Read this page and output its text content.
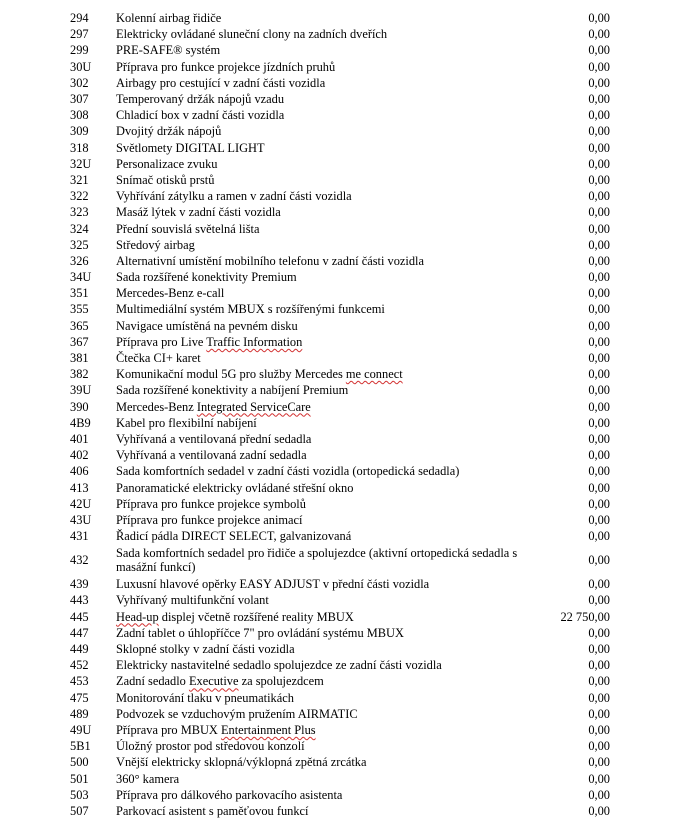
294	Kolenní airbag řidiče	0,00
297	Elektricky ovládané sluneční clony na zadních dveřích	0,00
299	PRE-SAFE® systém	0,00
30U	Příprava pro funkce projekce jízdních pruhů	0,00
302	Airbagy pro cestující v zadní části vozidla	0,00
307	Temperovaný držák nápojů vzadu	0,00
308	Chladicí box v zadní části vozidla	0,00
309	Dvojitý držák nápojů	0,00
318	Světlomety DIGITAL LIGHT	0,00
32U	Personalizace zvuku	0,00
321	Snímač otisků prstů	0,00
322	Vyhřívání zátylku a ramen v zadní části vozidla	0,00
323	Masáž lýtek v zadní části vozidla	0,00
324	Přední souvislá světelná lišta	0,00
325	Středový airbag	0,00
326	Alternativní umístění mobilního telefonu v zadní části vozidla	0,00
34U	Sada rozšířené konektivity Premium	0,00
351	Mercedes-Benz e-call	0,00
355	Multimediální systém MBUX s rozšířenými funkcemi	0,00
365	Navigace umístěná na pevném disku	0,00
367	Příprava pro Live Traffic Information	0,00
381	Čtečka CI+ karet	0,00
382	Komunikační modul 5G pro služby Mercedes me connect	0,00
39U	Sada rozšířené konektivity a nabíjení Premium	0,00
390	Mercedes-Benz Integrated ServiceCare	0,00
4B9	Kabel pro flexibilní nabíjení	0,00
401	Vyhřívaná a ventilovaná přední sedadla	0,00
402	Vyhřívaná a ventilovaná zadní sedadla	0,00
406	Sada komfortních sedadel v zadní části vozidla (ortopedická sedadla)	0,00
413	Panoramatické elektricky ovládané střešní okno	0,00
42U	Příprava pro funkce projekce symbolů	0,00
43U	Příprava pro funkce projekce animací	0,00
431	Řadicí pádla DIRECT SELECT, galvanizovaná	0,00
432	Sada komfortních sedadel pro řidiče a spolujezdce (aktivní ortopedická sedadla s masážní funkcí)	0,00
439	Luxusní hlavové opěrky EASY ADJUST v přední části vozidla	0,00
443	Vyhřívaný multifunkční volant	0,00
445	Head-up displej včetně rozšířené reality MBUX	22 750,00
447	Zadní tablet o úhlopříčce 7" pro ovládání systému MBUX	0,00
449	Sklopné stolky v zadní části vozidla	0,00
452	Elektricky nastavitelné sedadlo spolujezdce ze zadní části vozidla	0,00
453	Zadní sedadlo Executive za spolujezdcem	0,00
475	Monitorování tlaku v pneumatikách	0,00
489	Podvozek se vzduchovým pružením AIRMATIC	0,00
49U	Příprava pro MBUX Entertainment Plus	0,00
5B1	Úložný prostor pod středovou konzolí	0,00
500	Vnější elektricky sklopná/výklopná zpětná zrcátka	0,00
501	360° kamera	0,00
503	Příprava pro dálkového parkovacího asistenta	0,00
507	Parkovací asistent s paměťovou funkcí	0,00
